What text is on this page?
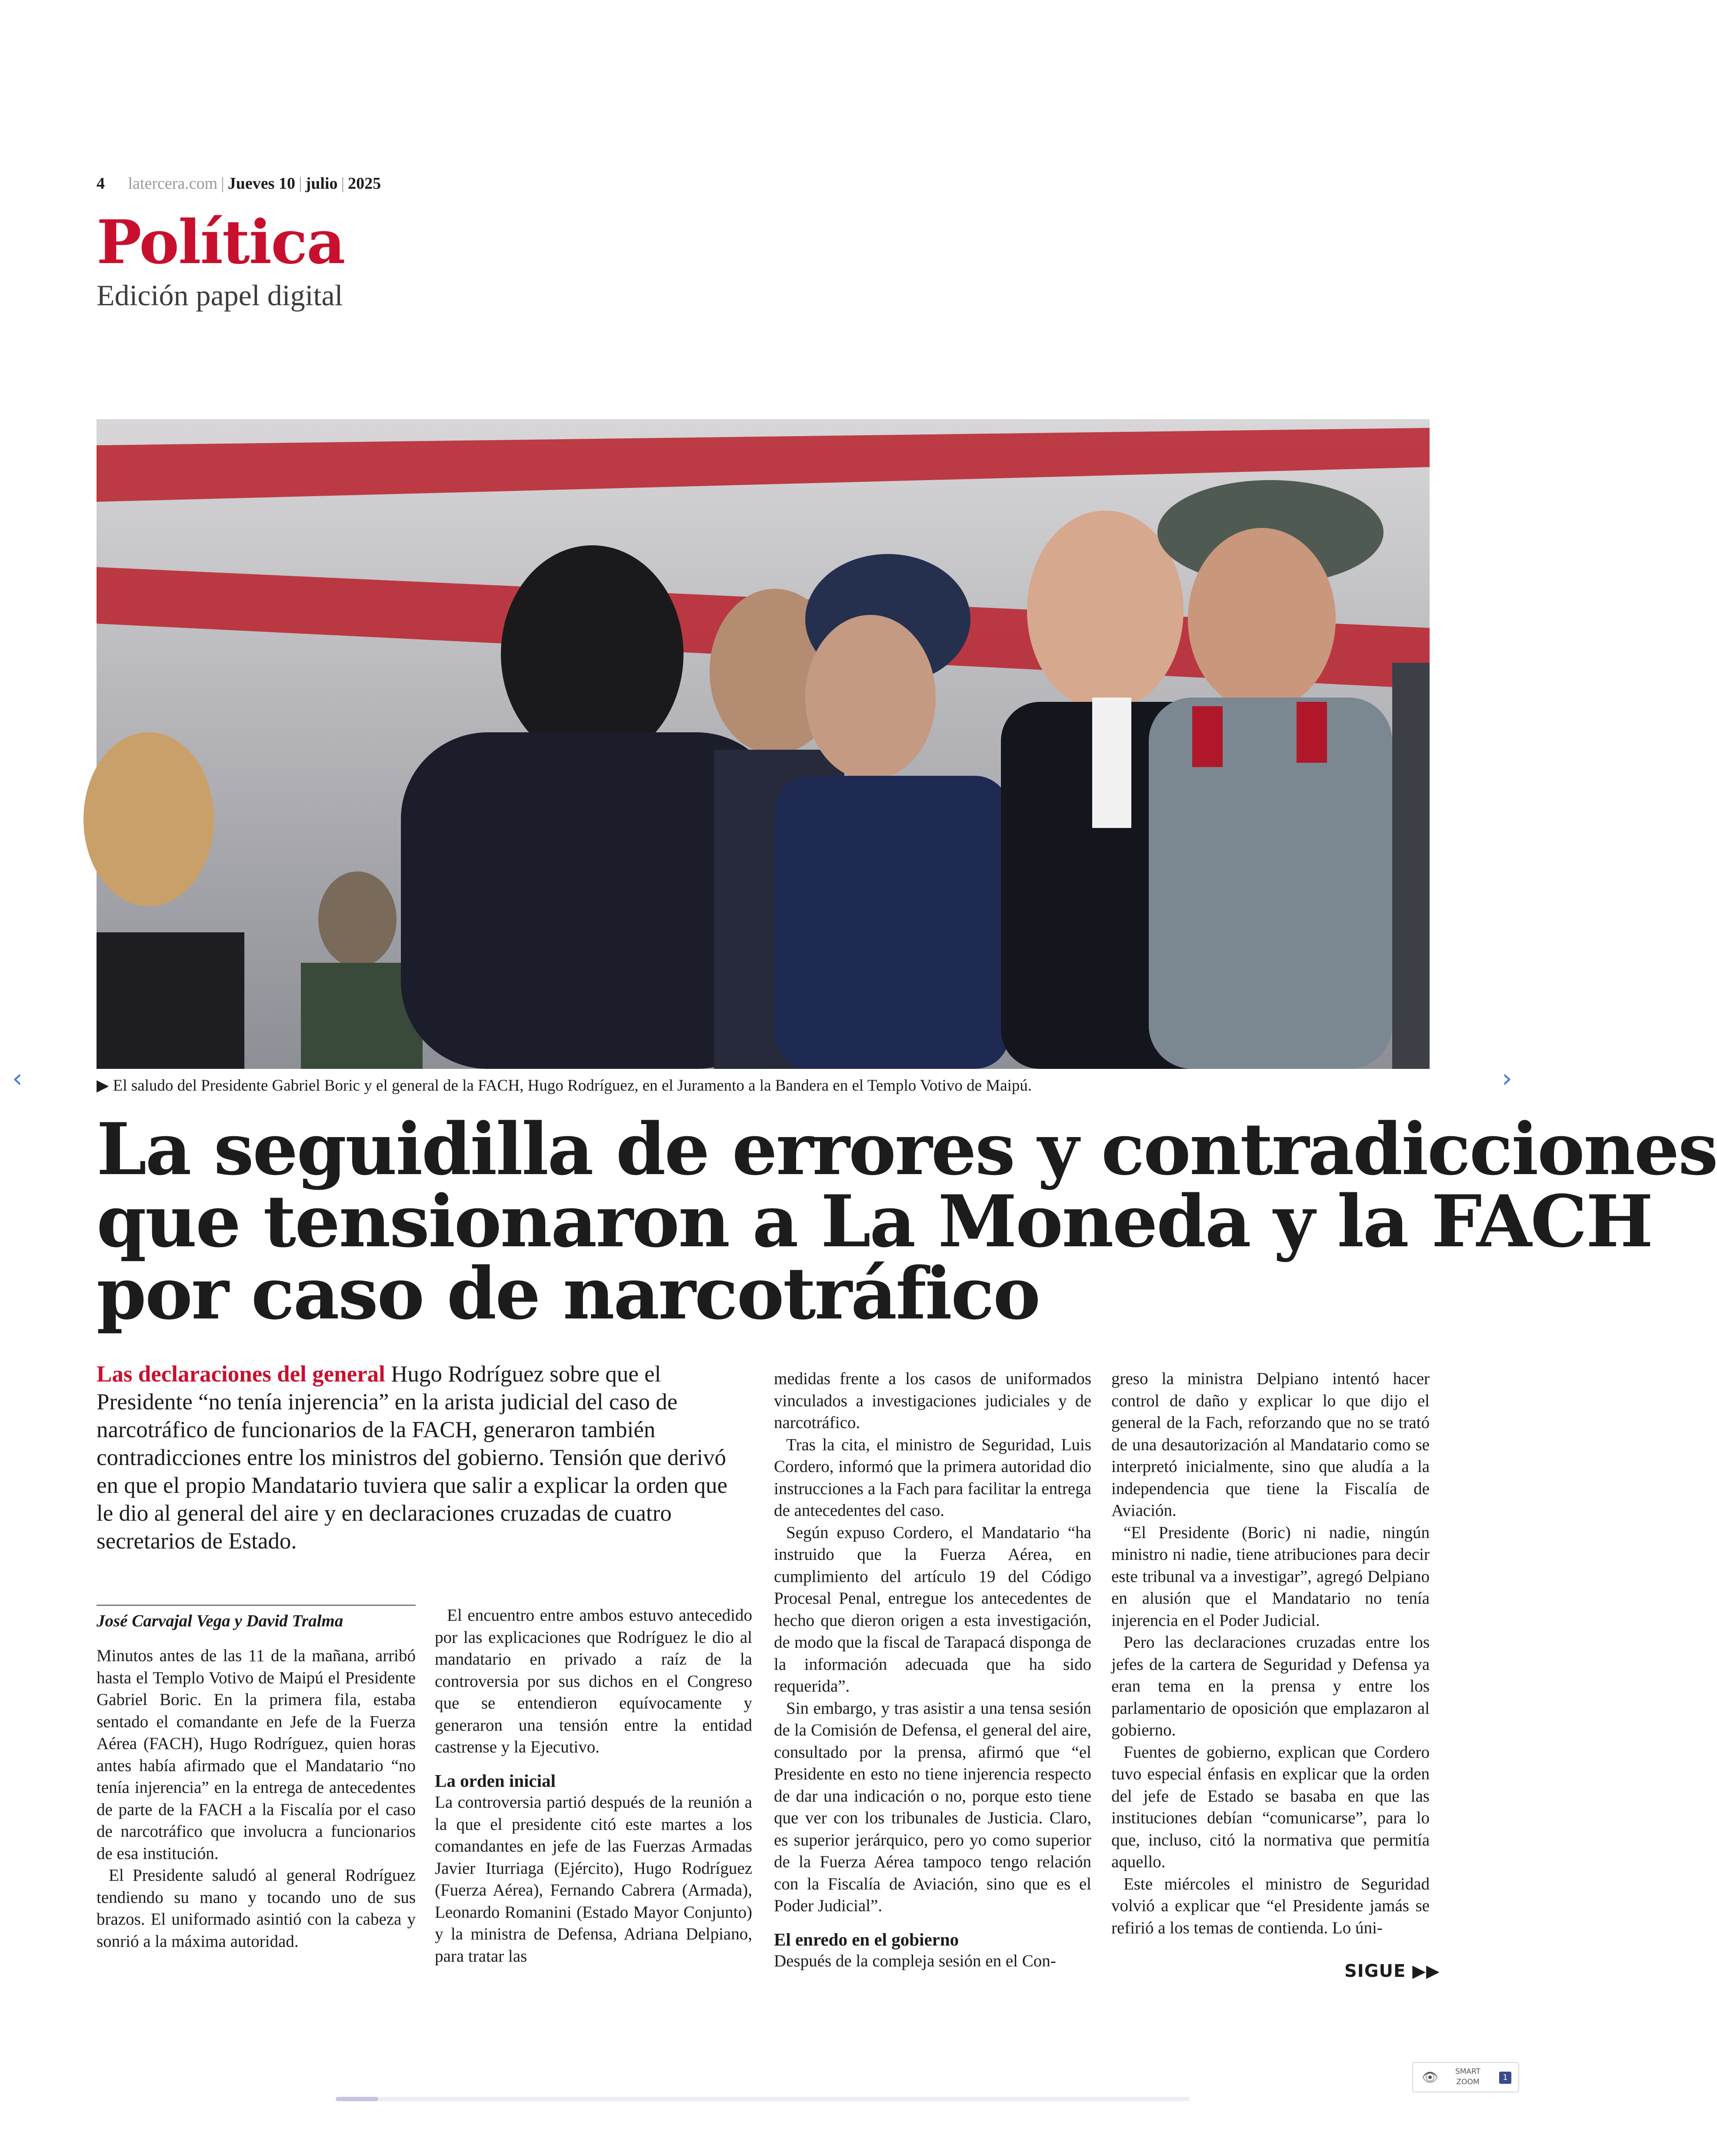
4 latercera.com | Jueves 10 | julio | 2025
Política
Edición papel digital
▶ El saludo del Presidente Gabriel Boric y el general de la FACH, Hugo Rodríguez, en el Juramento a la Bandera en el Templo Votivo de Maipú.
‹	›
La seguidilla de errores y contradicciones
que tensionaron a La Moneda y la FACH
por caso de narcotráfico
Las declaraciones del general Hugo Rodríguez sobre que el Presidente “no tenía injerencia” en la arista judicial del caso de narcotráfico de funcionarios de la FACH, generaron también contradicciones entre los ministros del gobierno. Tensión que derivó en que el propio Mandatario tuviera que salir a explicar la orden que le dio al general del aire y en declaraciones cruzadas de cuatro secretarios de Estado.
José Carvajal Vega y David Tralma

Minutos antes de las 11 de la mañana, arribó hasta el Templo Votivo de Maipú el Presidente Gabriel Boric. En la primera fila, estaba sentado el comandante en Jefe de la Fuerza Aérea (FACH), Hugo Rodríguez, quien horas antes había afirmado que el Mandatario “no tenía injerencia” en la entrega de antecedentes de parte de la FACH a la Fiscalía por el caso de narcotráfico que involucra a funcionarios de esa institución.

El Presidente saludó al general Rodríguez tendiendo su mano y tocando uno de sus brazos. El uniformado asintió con la cabeza y sonrió a la máxima autoridad.

El encuentro entre ambos estuvo antecedido por las explicaciones que Rodríguez le dio al mandatario en privado a raíz de la controversia por sus dichos en el Congreso que se entendieron equívocamente y generaron una tensión entre la entidad castrense y la Ejecutivo.

La orden inicial

La controversia partió después de la reunión a la que el presidente citó este martes a los comandantes en jefe de las Fuerzas Armadas Javier Iturriaga (Ejército), Hugo Rodríguez (Fuerza Aérea), Fernando Cabrera (Armada), Leonardo Romanini (Estado Mayor Conjunto) y la ministra de Defensa, Adriana Delpiano, para tratar las

medidas frente a los casos de uniformados vinculados a investigaciones judiciales y de narcotráfico.

Tras la cita, el ministro de Seguridad, Luis Cordero, informó que la primera autoridad dio instrucciones a la Fach para facilitar la entrega de antecedentes del caso.

Según expuso Cordero, el Mandatario “ha instruido que la Fuerza Aérea, en cumplimiento del artículo 19 del Código Procesal Penal, entregue los antecedentes de hecho que dieron origen a esta investigación, de modo que la fiscal de Tarapacá disponga de la información adecuada que ha sido requerida”.

Sin embargo, y tras asistir a una tensa sesión de la Comisión de Defensa, el general del aire, consultado por la prensa, afirmó que “el Presidente en esto no tiene injerencia respecto de dar una indicación o no, porque esto tiene que ver con los tribunales de Justicia. Claro, es superior jerárquico, pero yo como superior de la Fuerza Aérea tampoco tengo relación con la Fiscalía de Aviación, sino que es el Poder Judicial”.

El enredo en el gobierno

Después de la compleja sesión en el Con-

greso la ministra Delpiano intentó hacer control de daño y explicar lo que dijo el general de la Fach, reforzando que no se trató de una desautorización al Mandatario como se interpretó inicialmente, sino que aludía a la independencia que tiene la Fiscalía de Aviación.

“El Presidente (Boric) ni nadie, ningún ministro ni nadie, tiene atribuciones para decir este tribunal va a investigar”, agregó Delpiano en alusión que el Mandatario no tenía injerencia en el Poder Judicial.

Pero las declaraciones cruzadas entre los jefes de la cartera de Seguridad y Defensa ya eran tema en la prensa y entre los parlamentario de oposición que emplazaron al gobierno.

Fuentes de gobierno, explican que Cordero tuvo especial énfasis en explicar que la orden del jefe de Estado se basaba en que las instituciones debían “comunicarse”, para lo que, incluso, citó la normativa que permitía aquello.

Este miércoles el ministro de Seguridad volvió a explicar que “el Presidente jamás se refirió a los temas de contienda. Lo úni-

SIGUE ▶▶
👁	SMART ZOOM	1
